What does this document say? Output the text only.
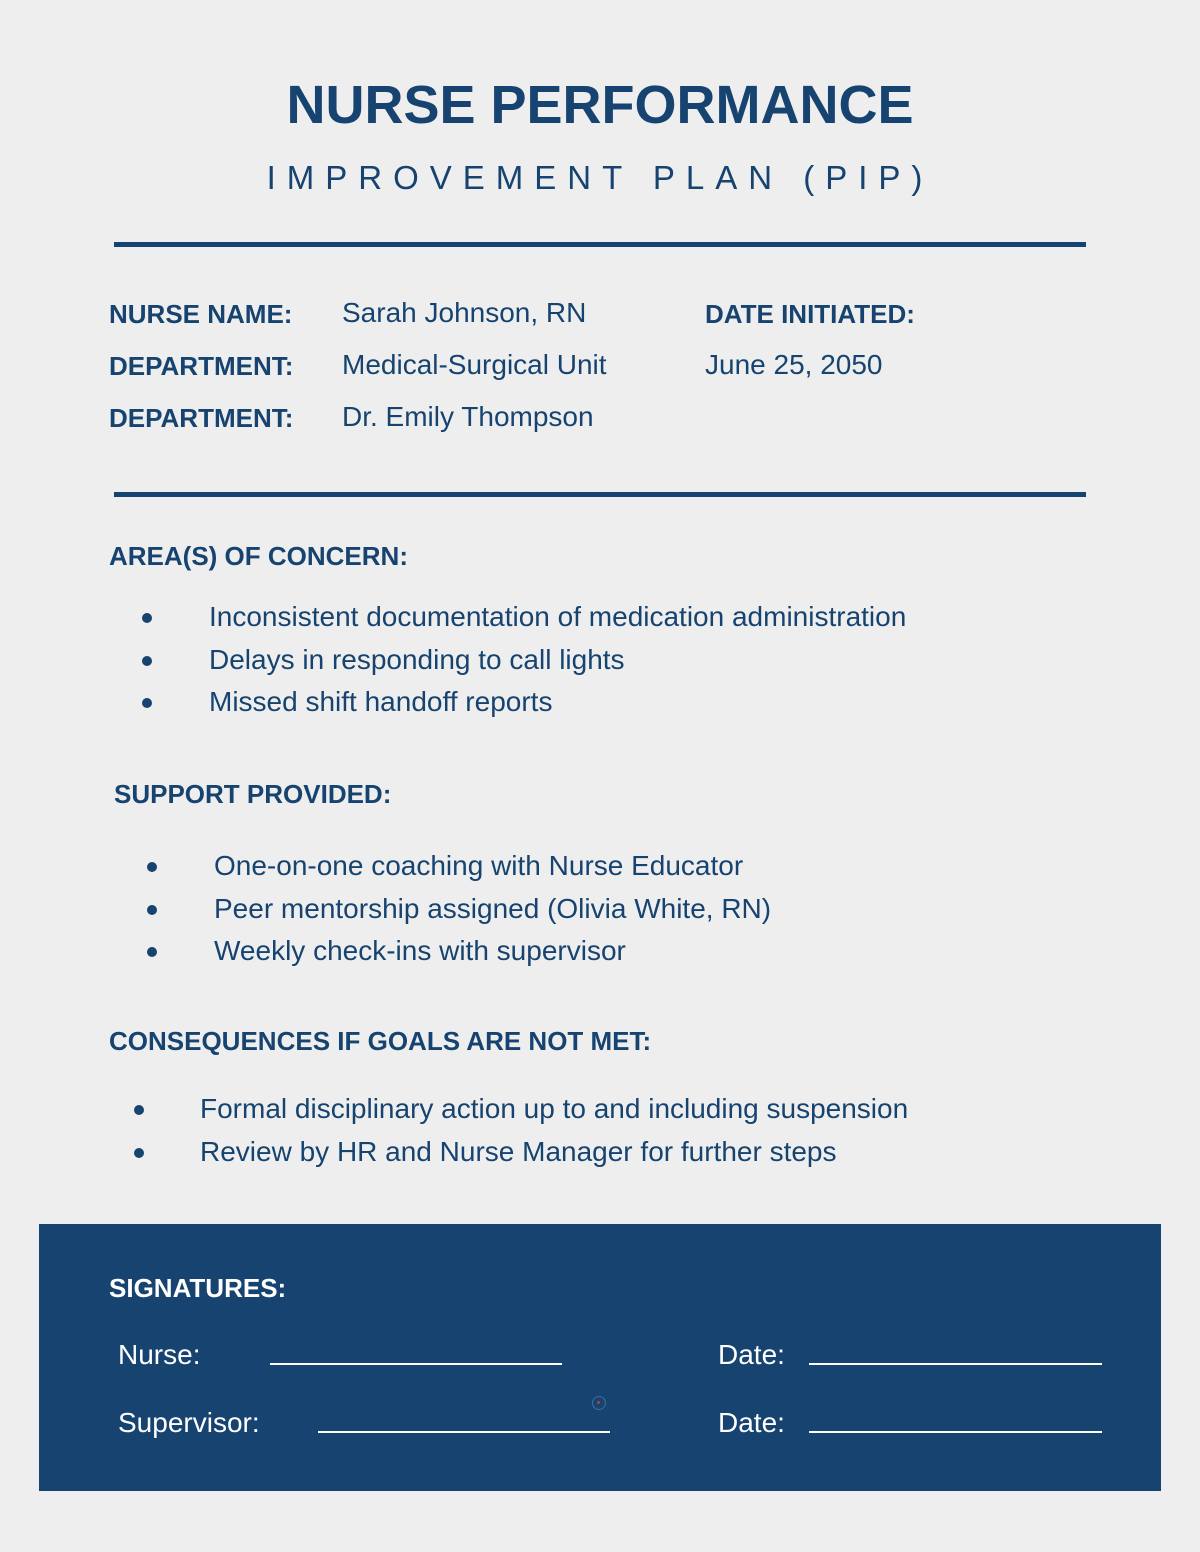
NURSE PERFORMANCE
IMPROVEMENT PLAN (PIP)
NURSE NAME: Sarah Johnson, RN
DEPARTMENT: Medical-Surgical Unit
DEPARTMENT: Dr. Emily Thompson
DATE INITIATED:
June 25, 2050
AREA(S) OF CONCERN:
Inconsistent documentation of medication administration
Delays in responding to call lights
Missed shift handoff reports
SUPPORT PROVIDED:
One-on-one coaching with Nurse Educator
Peer mentorship assigned (Olivia White, RN)
Weekly check-ins with supervisor
CONSEQUENCES IF GOALS ARE NOT MET:
Formal disciplinary action up to and including suspension
Review by HR and Nurse Manager for further steps
SIGNATURES:
Nurse:	Date:
Supervisor:	Date:
